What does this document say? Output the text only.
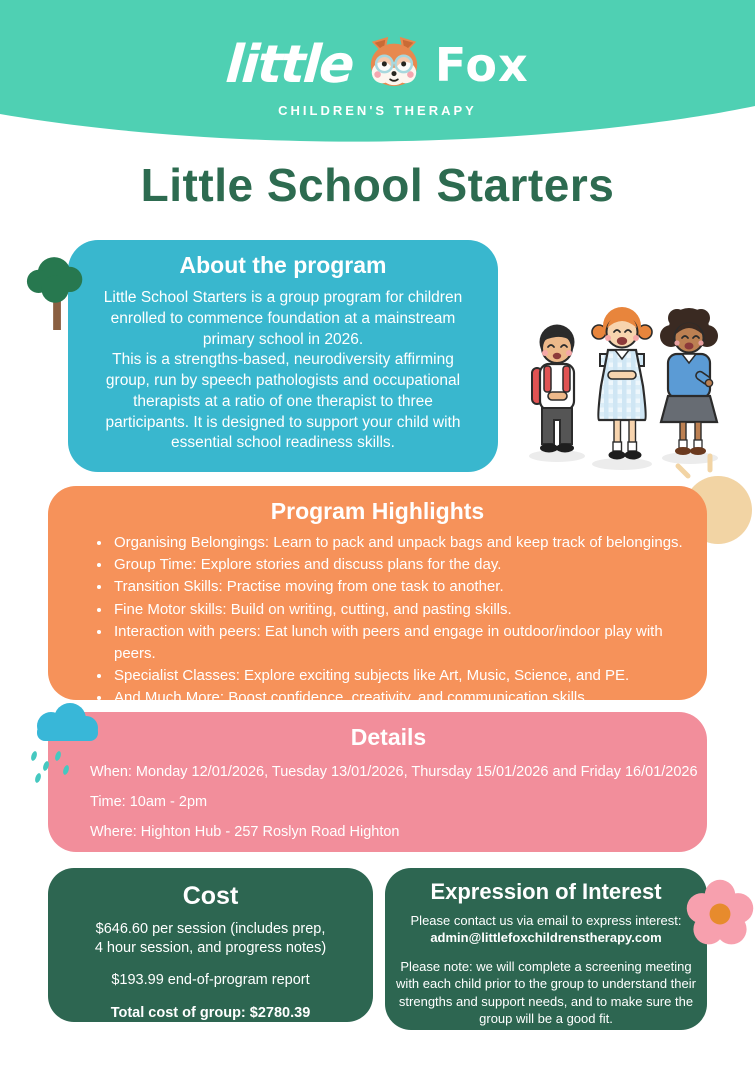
little Fox
CHILDREN'S THERAPY
Little School Starters
About the program

Little School Starters is a group program for children enrolled to commence foundation at a mainstream primary school in 2026.

This is a strengths-based, neurodiversity affirming group, run by speech pathologists and occupational therapists at a ratio of one therapist to three participants. It is designed to support your child with essential school readiness skills.

Program Highlights
• Organising Belongings: Learn to pack and unpack bags and keep track of belongings.
• Group Time: Explore stories and discuss plans for the day.
• Transition Skills: Practise moving from one task to another.
• Fine Motor skills: Build on writing, cutting, and pasting skills.
• Interaction with peers: Eat lunch with peers and engage in outdoor/indoor play with peers.
• Specialist Classes: Explore exciting subjects like Art, Music, Science, and PE.
• And Much More: Boost confidence, creativity, and communication skills
Details
When: Monday 12/01/2026, Tuesday 13/01/2026, Thursday 15/01/2026 and Friday 16/01/2026
Time: 10am - 2pm
Where: Highton Hub - 257 Roslyn Road Highton
Cost
$646.60 per session (includes prep,
4 hour session, and progress notes)
$193.99 end-of-program report
Total cost of group: $2780.39
Expression of Interest
Please contact us via email to express interest:
admin@littlefoxchildrenstherapy.com
Please note: we will complete a screening meeting with each child prior to the group to understand their strengths and support needs, and to make sure the group will be a good fit.
